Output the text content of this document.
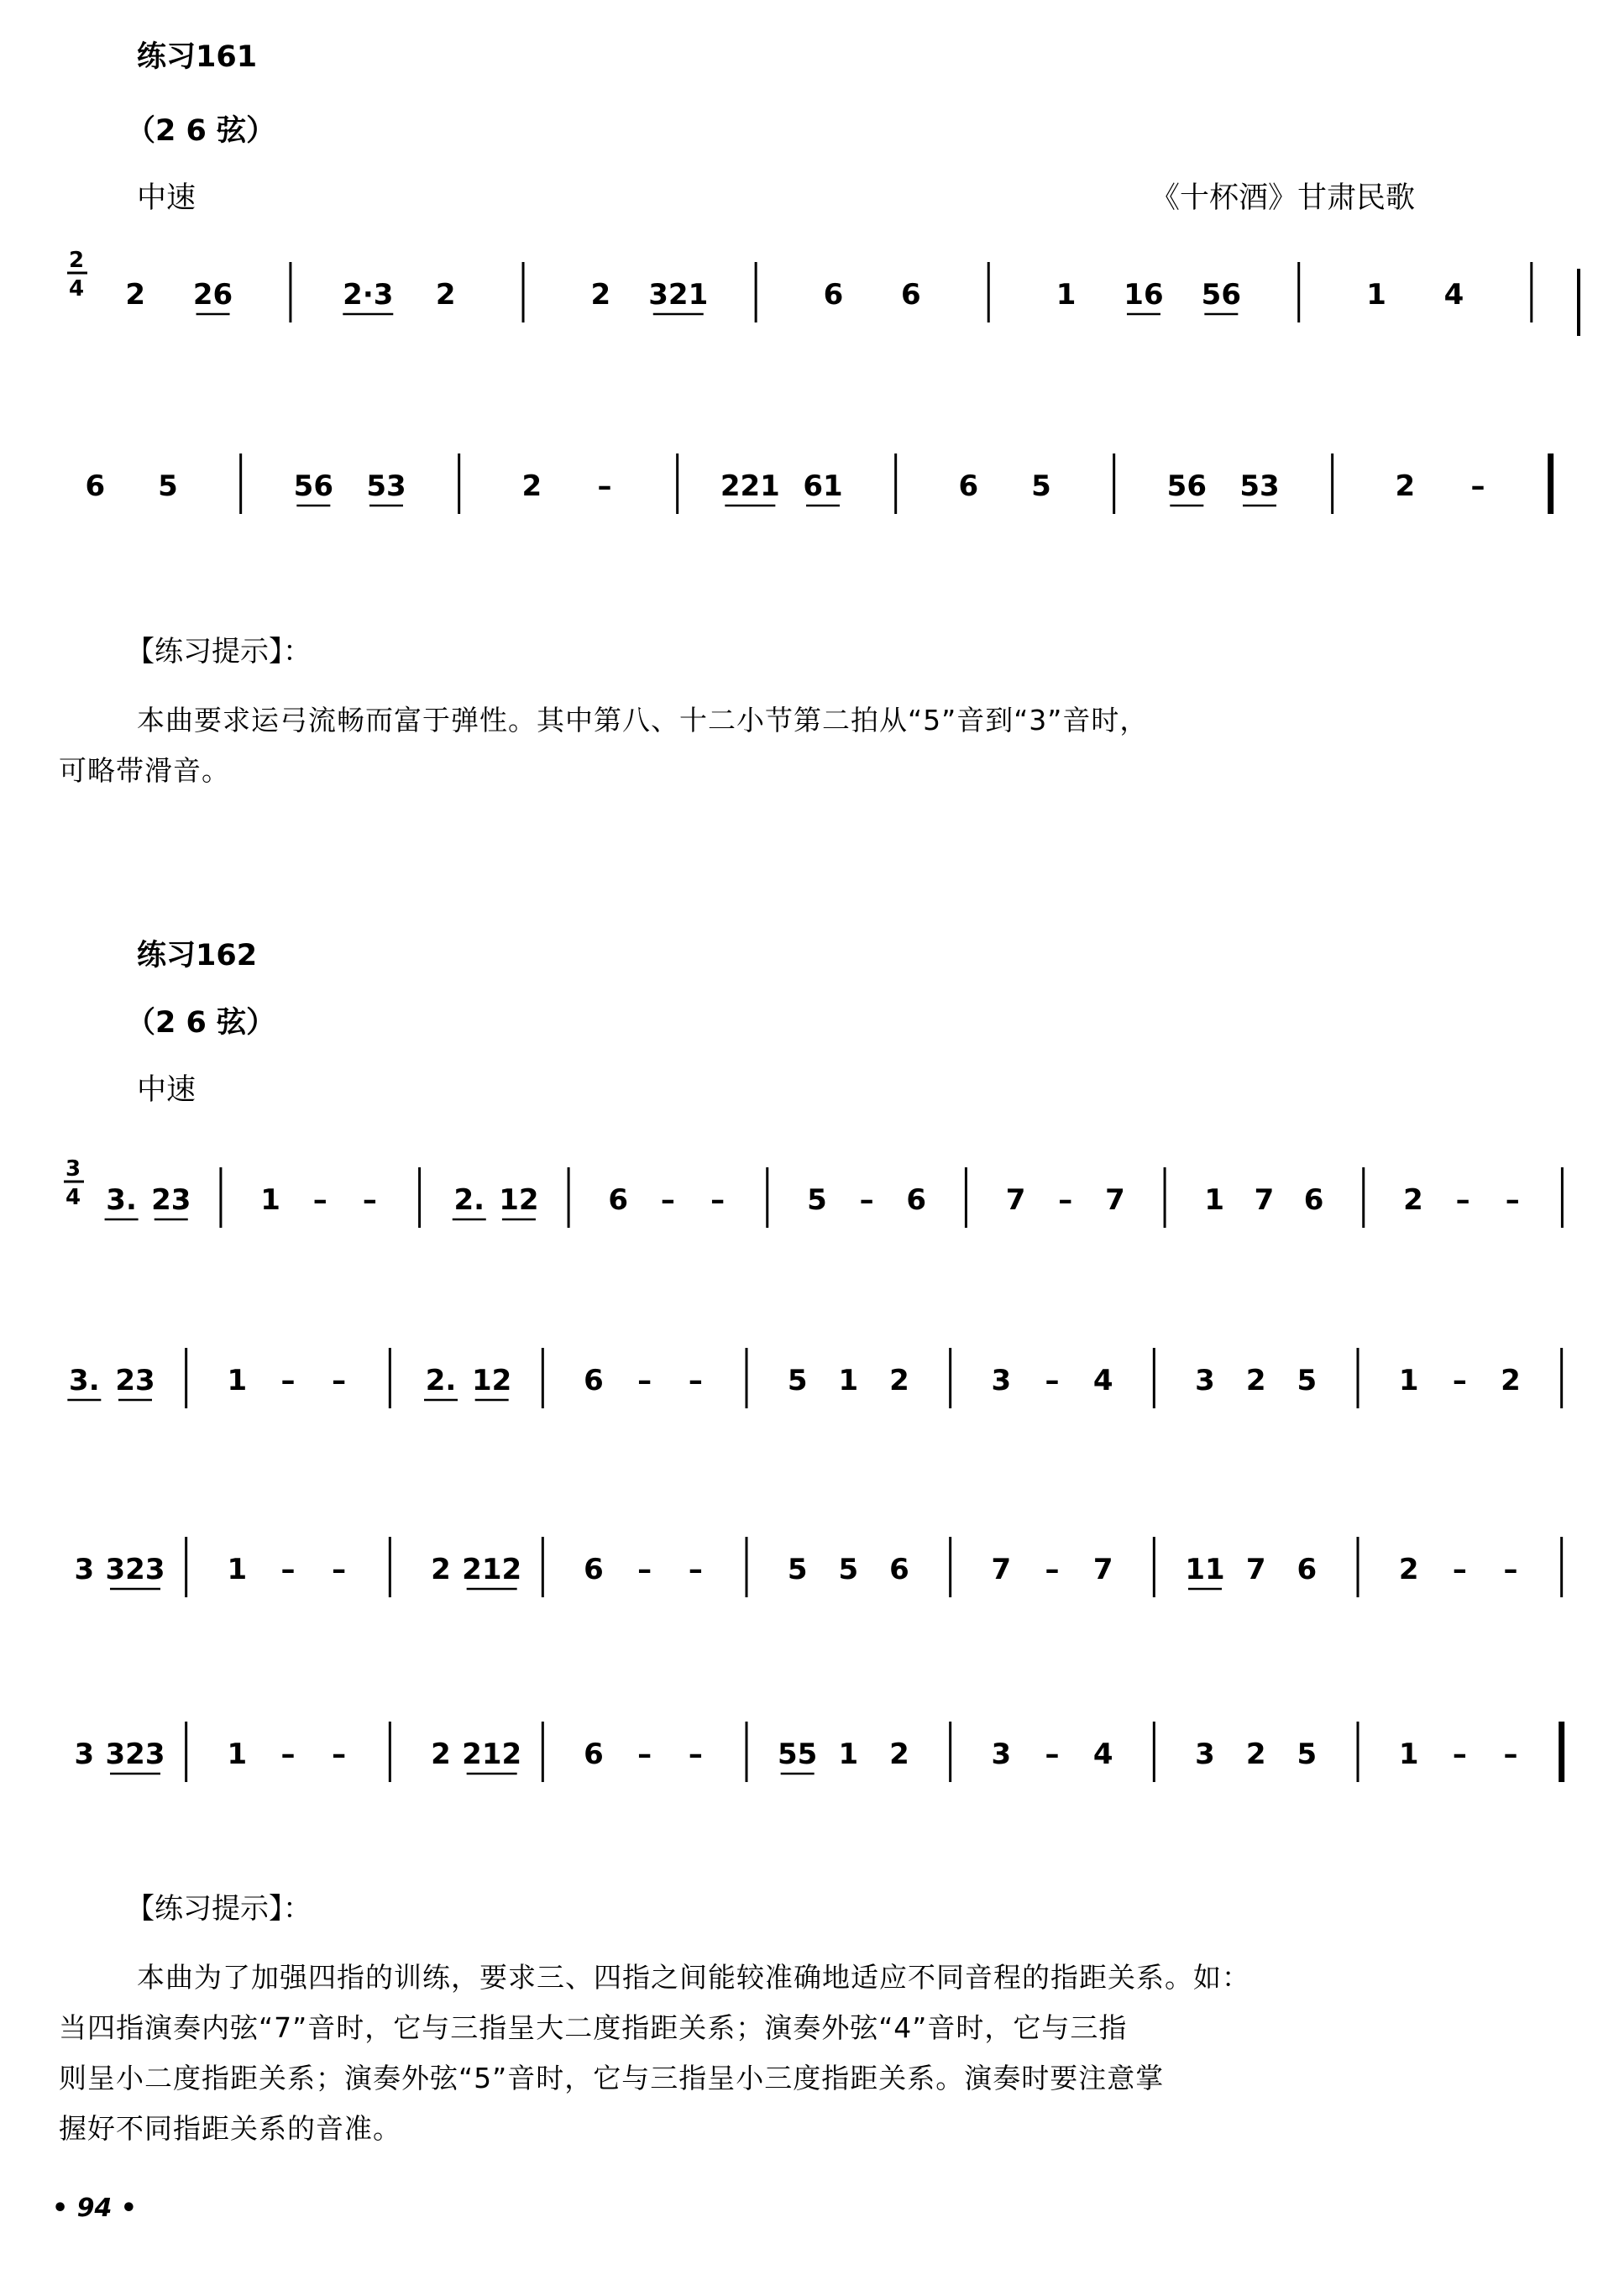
练习161
（2 6 弦）
中速	《十杯酒》甘肃民歌
2
4 2 26	2·3 2	2 321	6 6	1 16 56	1 4
6 5	56 53	2 –	221 61	6 5	56 53	2 –
【练习提示】：
本曲要求运弓流畅而富于弹性。其中第八、十二小节第二拍从“5”音到“3”音时，
可略带滑音。
练习162
（2 6 弦）
中速
3
4 3. 23 1 – –	2. 12 6 – –	5 – 6	7 – 7	1 7 6	2 – –
3. 23	1 – –	2. 12	6 – –	5 1 2	3 – 4	3 2 5	1 – 2
3 323 1 – –	2 212 6 – –	5 5 6	7 – 7	11 7 6	2 – –
3 323 1 – –	2 212 6 – –	55 1 2	3 – 4	3 2 5	1 – –
【练习提示】：
本曲为了加强四指的训练，要求三、四指之间能较准确地适应不同音程的指距关系。如：
当四指演奏内弦“7”音时，它与三指呈大二度指距关系；演奏外弦“4”音时，它与三指
则呈小二度指距关系；演奏外弦“5”音时，它与三指呈小三度指距关系。演奏时要注意掌
握好不同指距关系的音准。
• 94 •
